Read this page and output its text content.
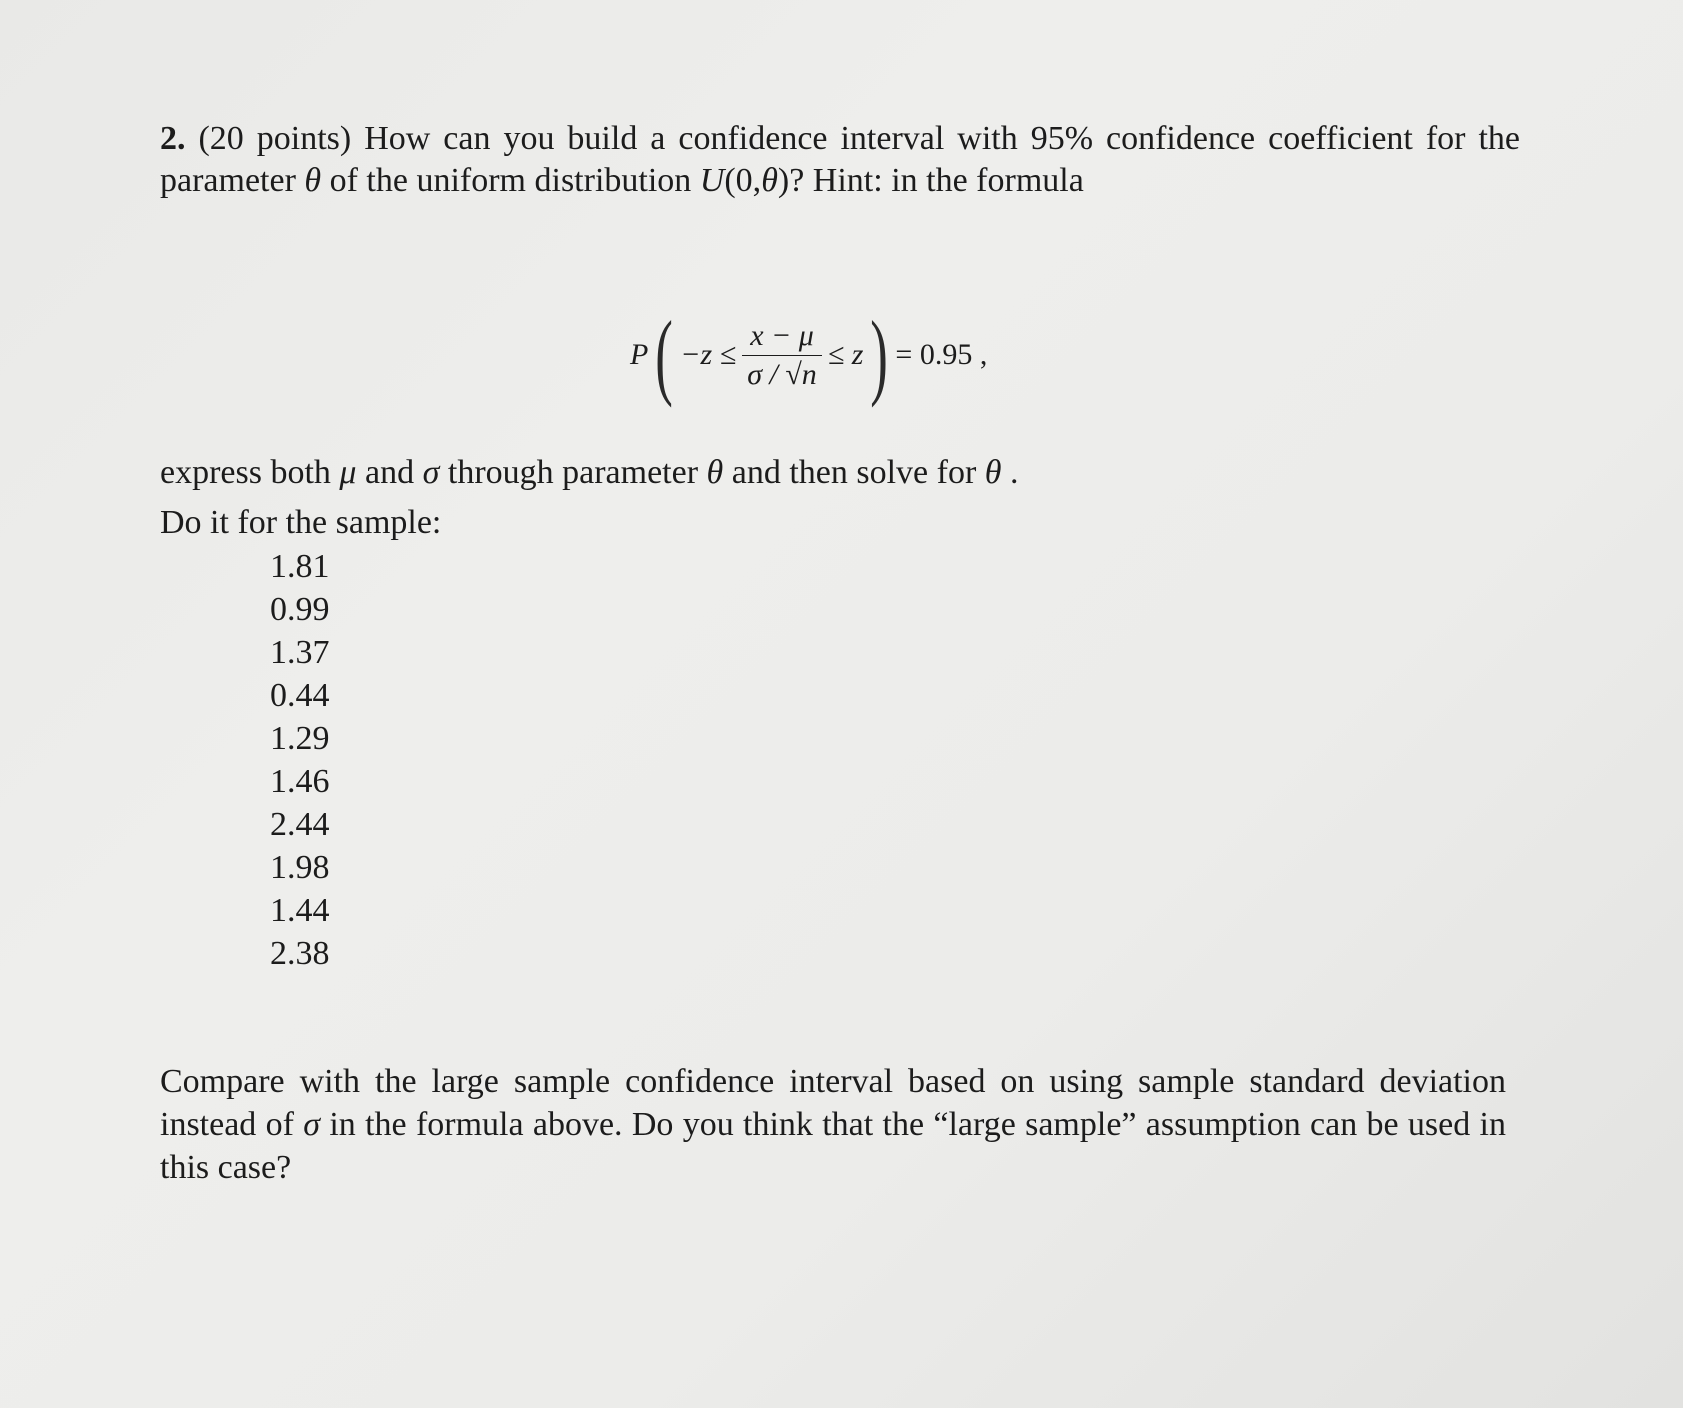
2. (20 points) How can you build a confidence interval with 95% confidence coefficient for the parameter θ of the uniform distribution U(0,θ)? Hint: in the formula
P ( $-z \le \frac{x - \mu}{\sigma / √n} \le z$ ) = 0.95 ,
express both μ and σ through parameter θ and then solve for θ .
Do it for the sample:
1.81
0.99
1.37
0.44
1.29
1.46
2.44
1.98
1.44
2.38
Compare with the large sample confidence interval based on using sample standard deviation instead of σ in the formula above. Do you think that the “large sample” assumption can be used in this case?
